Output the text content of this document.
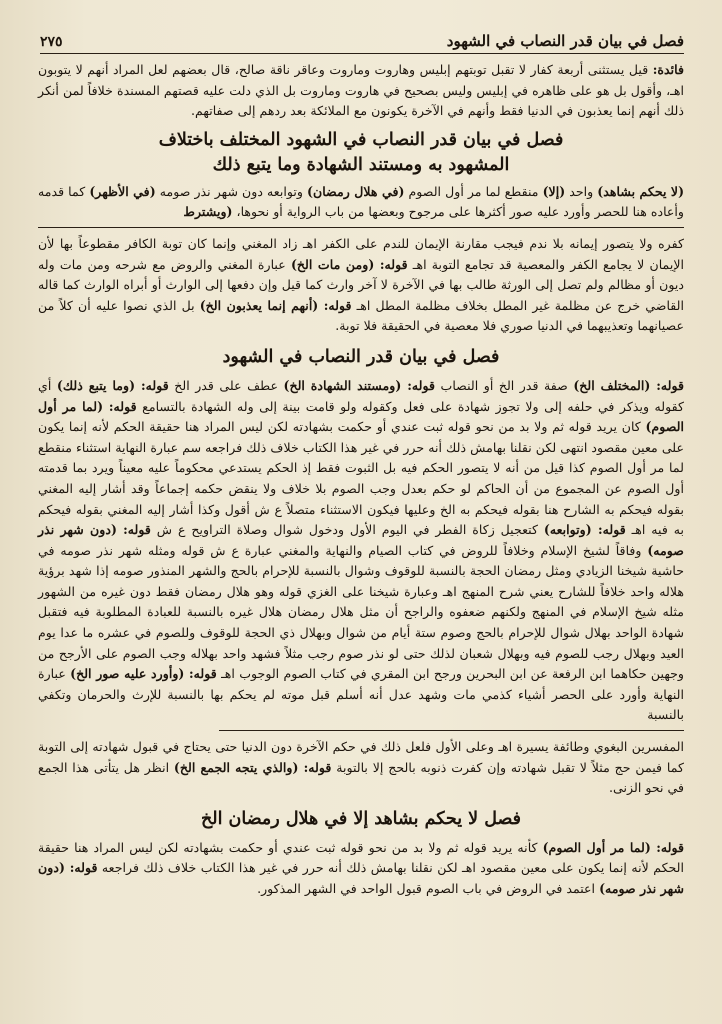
فصل في بيان قدر النصاب في الشهود
٢٧٥

فائدة: قيل يستثنى أربعة كفار لا تقبل توبتهم إبليس وهاروت وماروت وعاقر ناقة صالح، قال بعضهم لعل المراد أنهم لا يتوبون اهـ، وأقول بل هو على ظاهره في إبليس وليس بصحيح في هاروت وماروت بل الذي دلت عليه قصتهم المسندة خلافاً لمن أنكر ذلك أنهم إنما يعذبون في الدنيا فقط وأنهم في الآخرة يكونون مع الملائكة بعد ردهم إلى صفاتهم.

فصل في بيان قدر النصاب في الشهود المختلف باختلاف
المشهود به ومستند الشهادة وما يتبع ذلك

(لا يحكم بشاهد) واحد (إلا) منقطع لما مر أول الصوم (في هلال رمضان) وتوابعه دون شهر نذر صومه (في الأظهر) كما قدمه وأعاده هنا للحصر وأورد عليه صور أكثرها على مرجوح وبعضها من باب الرواية أو نحوها، (ويشترط

كفره ولا يتصور إيمانه بلا ندم فيجب مقارنة الإيمان للندم على الكفر اهـ زاد المغني وإنما كان توبة الكافر مقطوعاً بها لأن الإيمان لا يجامع الكفر والمعصية قد تجامع التوبة اهـ قوله: (ومن مات الخ) عبارة المغني والروض مع شرحه ومن مات وله ديون أو مظالم ولم تصل إلى الورثة طالب بها في الآخرة لا آخر وارث كما قيل وإن دفعها إلى الوارث أو أبراه الوارث كما قاله القاضي خرج عن مظلمة غير المطل بخلاف مظلمة المطل اهـ قوله: (أنهم إنما يعذبون الخ) بل الذي نصوا عليه أن كلاً من عصيانهما وتعذيبهما في الدنيا صوري فلا معصية في الحقيقة فلا توبة.

فصل في بيان قدر النصاب في الشهود

قوله: (المختلف الخ) صفة قدر الخ أو النصاب قوله: (ومستند الشهادة الخ) عطف على قدر الخ قوله: (وما يتبع ذلك) أي كقوله ويذكر في حلفه إلى ولا تجوز شهادة على فعل وكقوله ولو قامت بينة إلى وله الشهادة بالتسامع قوله: (لما مر أول الصوم) كان يريد قوله ثم ولا بد من نحو قوله ثبت عندي أو حكمت بشهادته لكن ليس المراد هنا حقيقة الحكم لأنه إنما يكون على معين مقصود انتهى لكن نقلنا بهامش ذلك أنه حرر في غير هذا الكتاب خلاف ذلك فراجعه سم عبارة النهاية استثناء منقطع لما مر أول الصوم كذا قيل من أنه لا يتصور الحكم فيه بل الثبوت فقط إذ الحكم يستدعي محكوماً عليه معيناً ويرد بما قدمته أول الصوم عن المجموع من أن الحاكم لو حكم بعدل وجب الصوم بلا خلاف ولا ينقض حكمه إجماعاً وقد أشار إليه المغني بقوله فيحكم به الشارح هنا بقوله فيحكم به الخ وعليها فيكون الاستثناء متصلاً ع ش أقول وكذا أشار إليه المغني بقوله فيحكم به فيه اهـ قوله: (وتوابعه) كتعجيل زكاة الفطر في اليوم الأول ودخول شوال وصلاة التراويح ع ش قوله: (دون شهر نذر صومه) وفاقاً لشيخ الإسلام وخلافاً للروض في كتاب الصيام والنهاية والمغني عبارة ع ش قوله ومثله شهر نذر صومه في حاشية شيخنا الزيادي ومثل رمضان الحجة بالنسبة للوقوف وشوال بالنسبة للإحرام بالحج والشهر المنذور صومه إذا شهد برؤية هلاله واحد خلافاً للشارح يعني شرح المنهج اهـ وعبارة شيخنا على الغزي قوله وهو هلال رمضان فقط دون غيره من الشهور مثله شيخ الإسلام في المنهج ولكنهم ضعفوه والراجح أن مثل هلال رمضان هلال غيره بالنسبة للعبادة المطلوبة فيه فتقبل شهادة الواحد بهلال شوال للإحرام بالحج وصوم ستة أيام من شوال وبهلال ذي الحجة للوقوف وللصوم في عشره ما عدا يوم العيد وبهلال رجب للصوم فيه وبهلال شعبان لذلك حتى لو نذر صوم رجب مثلاً فشهد واحد بهلاله وجب الصوم على الأرجح من وجهين حكاهما ابن الرفعة عن ابن البحرين ورجح ابن المقري في كتاب الصوم الوجوب اهـ قوله: (وأورد عليه صور الخ) عبارة النهاية وأورد على الحصر أشياء كذمي مات وشهد عدل أنه أسلم قبل موته لم يحكم بها بالنسبة للإرث والحرمان وتكفي بالنسبة

المفسرين البغوي وطائفة يسيرة اهـ وعلى الأول فلعل ذلك في حكم الآخرة دون الدنيا حتى يحتاج في قبول شهادته إلى التوبة كما فيمن حج مثلاً لا تقبل شهادته وإن كفرت ذنوبه بالحج إلا بالتوبة قوله: (والذي يتجه الجمع الخ) انظر هل يتأتى هذا الجمع في نحو الزنى.

فصل لا يحكم بشاهد إلا في هلال رمضان الخ

قوله: (لما مر أول الصوم) كأنه يريد قوله ثم ولا بد من نحو قوله ثبت عندي أو حكمت بشهادته لكن ليس المراد هنا حقيقة الحكم لأنه إنما يكون على معين مقصود اهـ لكن نقلنا بهامش ذلك أنه حرر في غير هذا الكتاب خلاف ذلك فراجعه قوله: (دون شهر نذر صومه) اعتمد في الروض في باب الصوم قبول الواحد في الشهر المذكور.
